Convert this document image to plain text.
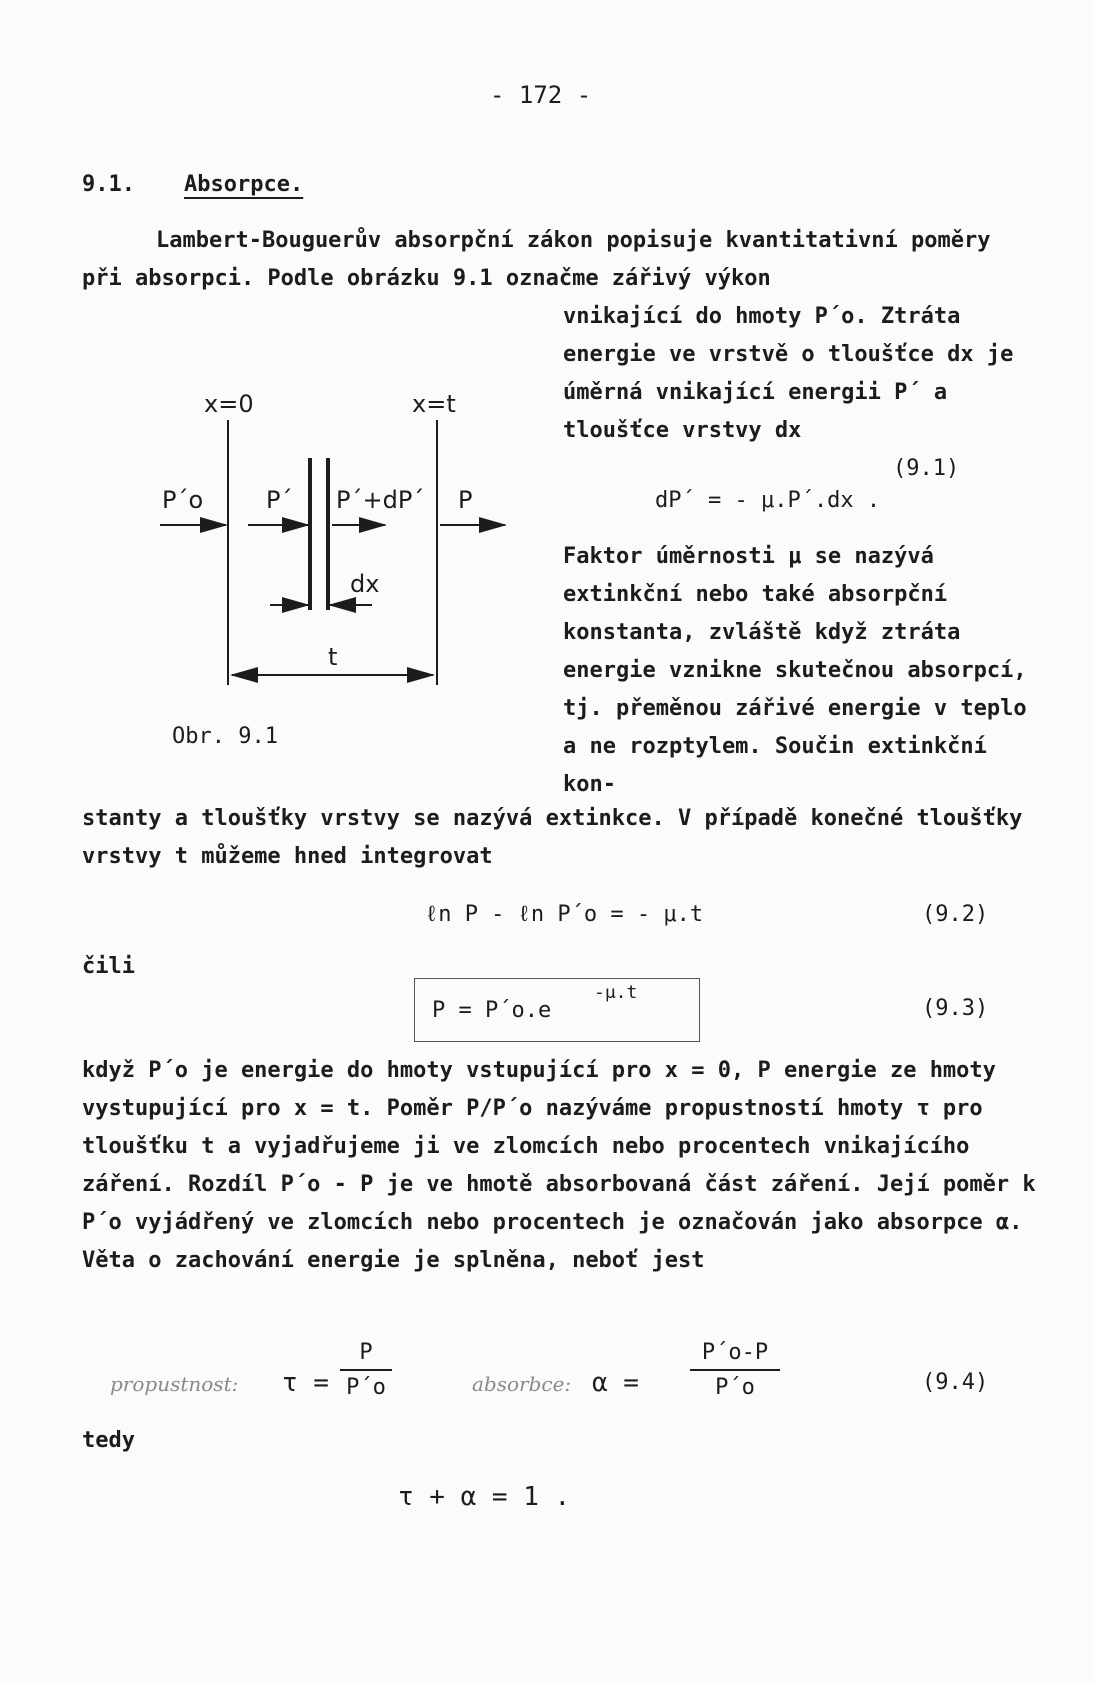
- 172 -
9.1. Absorpce.
Lambert-Bouguerův absorpční zákon popisuje kvantitativní poměry při absorpci. Podle obrázku 9.1 označme zářivý výkon
vnikající do hmoty P´o. Ztráta energie ve vrstvě o tloušťce dx je úměrná vnikající energii P´ a tloušťce vrstvy dx
dP´ = - μ.P´.dx .
(9.1)
Faktor úměrnosti μ se nazývá extinkční nebo také absorpční konstanta, zvláště když ztráta energie vznikne skutečnou absorpcí, tj. přeměnou zářivé energie v teplo a ne rozptylem. Součin extinkční kon-
x=0	x=t
P´o	P´ P´+dP´ P
dx
t
Obr. 9.1
stanty a tloušťky vrstvy se nazývá extinkce. V případě konečné tloušťky vrstvy t můžeme hned integrovat
ℓn P - ℓn P´o = - μ.t	(9.2)
čili
P = P´o.e
-μ.t
(9.3)
když P´o je energie do hmoty vstupující pro x = 0, P energie ze hmoty vystupující pro x = t. Poměr P/P´o nazýváme propustností hmoty τ pro tloušťku t a vyjadřujeme ji ve zlomcích nebo procentech vnikajícího záření. Rozdíl P´o - P je ve hmotě absorbovaná část záření. Její poměr k P´o vyjádřený ve zlomcích nebo procentech je označován jako absorpce α. Věta o zachování energie je splněna, neboť jest
propustnost: τ =
P
P´o	absorbce: α =
P´o-P
P´o	(9.4)
tedy
τ + α = 1 .
